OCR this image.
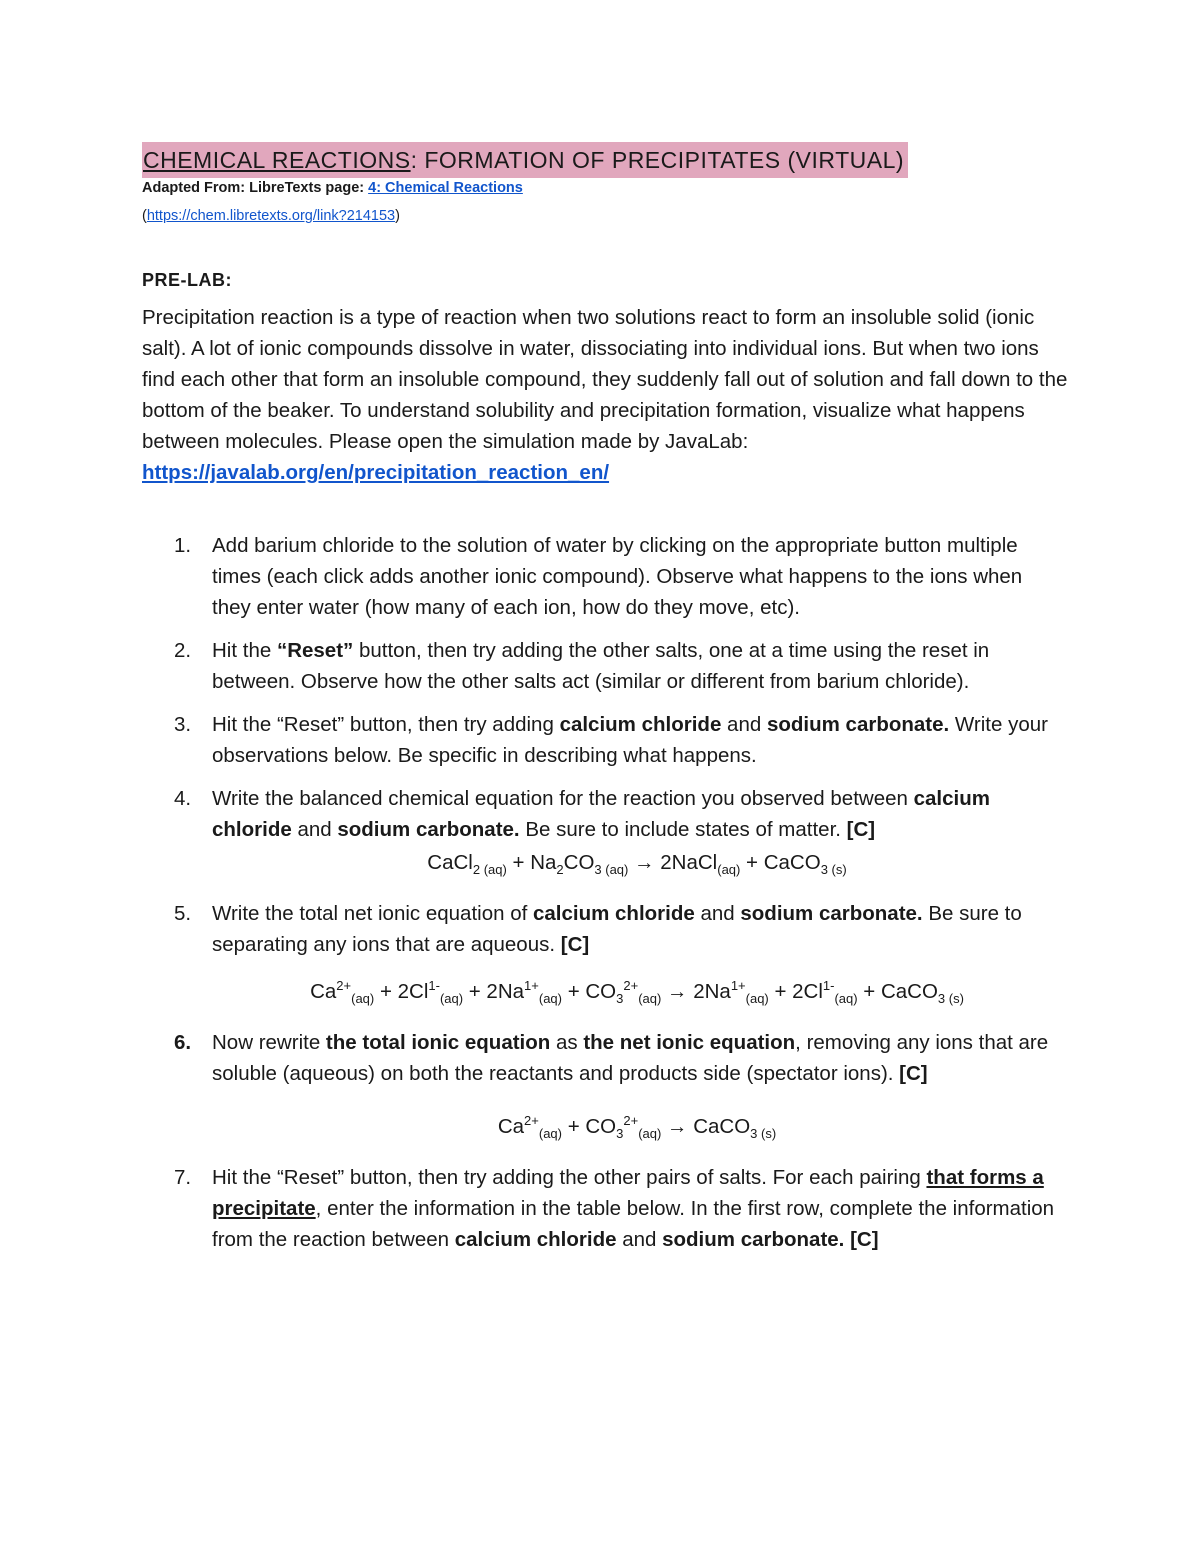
CHEMICAL REACTIONS: FORMATION OF PRECIPITATES (VIRTUAL)
Adapted From: LibreTexts page: 4: Chemical Reactions
(https://chem.libretexts.org/link?214153)
PRE-LAB:
Precipitation reaction is a type of reaction when two solutions react to form an insoluble solid (ionic salt). A lot of ionic compounds dissolve in water, dissociating into individual ions. But when two ions find each other that form an insoluble compound, they suddenly fall out of solution and fall down to the bottom of the beaker. To understand solubility and precipitation formation, visualize what happens between molecules. Please open the simulation made by JavaLab:
https://javalab.org/en/precipitation_reaction_en/
1.	Add barium chloride to the solution of water by clicking on the appropriate button multiple times (each click adds another ionic compound). Observe what happens to the ions when they enter water (how many of each ion, how do they move, etc).
2.	Hit the “Reset” button, then try adding the other salts, one at a time using the reset in between. Observe how the other salts act (similar or different from barium chloride).
3.	Hit the “Reset” button, then try adding calcium chloride and sodium carbonate. Write your observations below. Be specific in describing what happens.
4.	Write the balanced chemical equation for the reaction you observed between calcium chloride and sodium carbonate. Be sure to include states of matter. [C]
CaCl$_{2 (aq)}$ + $Na_2CO_{3 (aq)}$ → 2NaCl$_{(aq)}$ + CaCO$_{3 (s)}$
5.	Write the total net ionic equation of calcium chloride and sodium carbonate. Be sure to separating any ions that are aqueous. [C]
$Ca^{2+}_{(aq)} + 2Cl^{1-}_{(aq)} + 2Na^{1+}_{(aq)} + CO_3^{2+}_{(aq)} \to 2Na^{1+}_{(aq)} + 2Cl^{1-}_{(aq)}$ + CaCO$_{3 (s)}$
6.	Now rewrite the total ionic equation as the net ionic equation, removing any ions that are soluble (aqueous) on both the reactants and products side (spectator ions). [C]
$Ca^{2+}_{(aq)} + CO_3^{2+}_{(aq)}$ → CaCO$_{3 (s)}$
7.	Hit the “Reset” button, then try adding the other pairs of salts. For each pairing that forms a precipitate, enter the information in the table below. In the first row, complete the information from the reaction between calcium chloride and sodium carbonate. [C]
